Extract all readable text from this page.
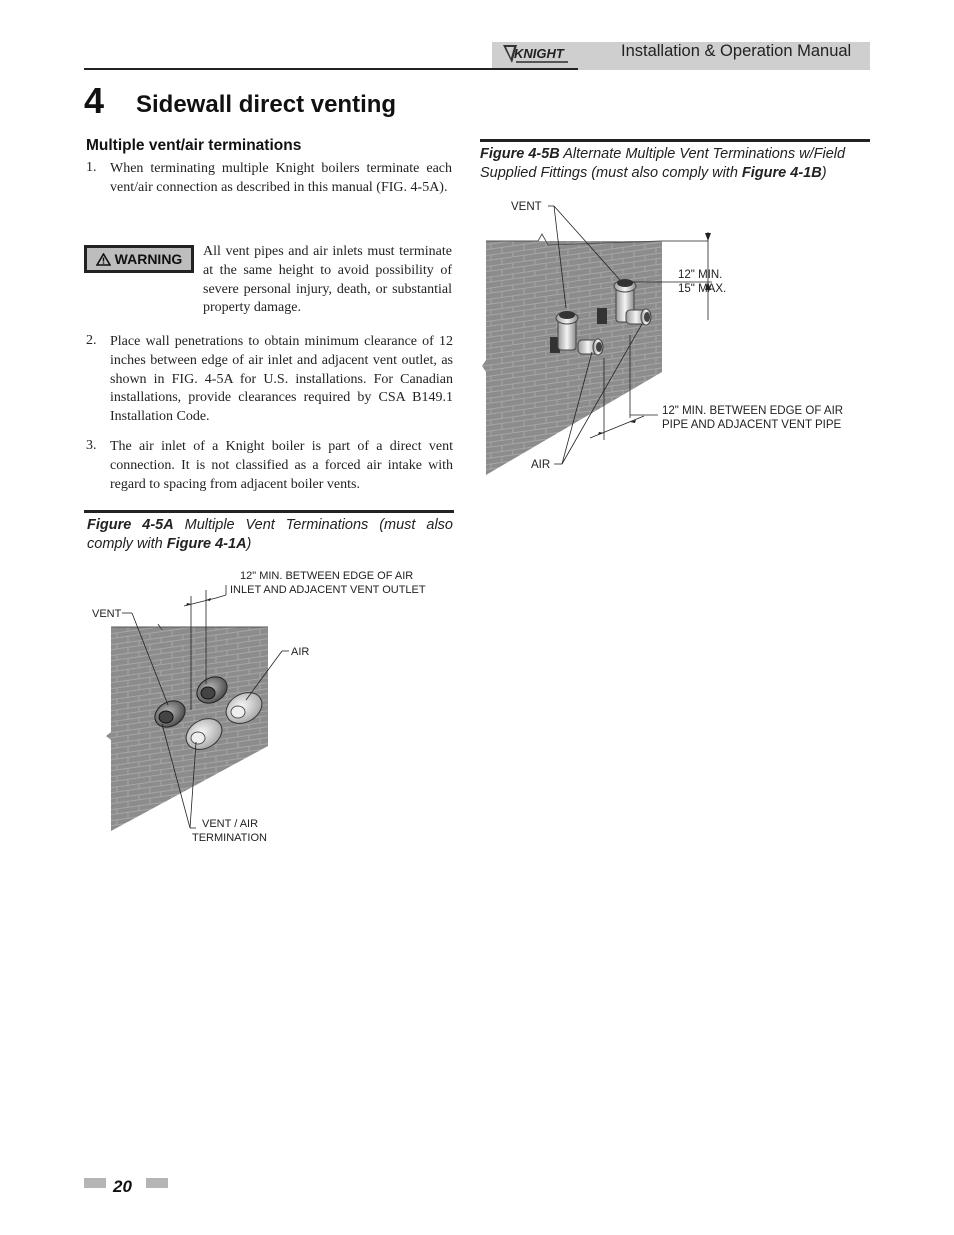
KNIGHT	Installation & Operation Manual
4 Sidewall direct venting
Multiple vent/air terminations
1. When terminating multiple Knight boilers terminate each vent/air connection as described in this manual (FIG. 4-5A).
WARNING All vent pipes and air inlets must terminate at the same height to avoid possibility of severe personal injury, death, or substantial property damage.
2. Place wall penetrations to obtain minimum clearance of 12 inches between edge of air inlet and adjacent vent outlet, as shown in FIG. 4-5A for U.S. installations. For Canadian installations, provide clearances required by CSA B149.1 Installation Code.
3. The air inlet of a Knight boiler is part of a direct vent connection. It is not classified as a forced air intake with regard to spacing from adjacent boiler vents.
Figure 4-5A Multiple Vent Terminations (must also comply with Figure 4-1A)
12" MIN. BETWEEN EDGE OF AIR
INLET AND ADJACENT VENT OUTLET
VENT
AIR
VENT / AIR
TERMINATION
Figure 4-5B Alternate Multiple Vent Terminations w/Field Supplied Fittings (must also comply with Figure 4-1B)
VENT
12" MIN.
15" MAX.
12" MIN. BETWEEN EDGE OF AIR
PIPE AND ADJACENT VENT PIPE
AIR
20
